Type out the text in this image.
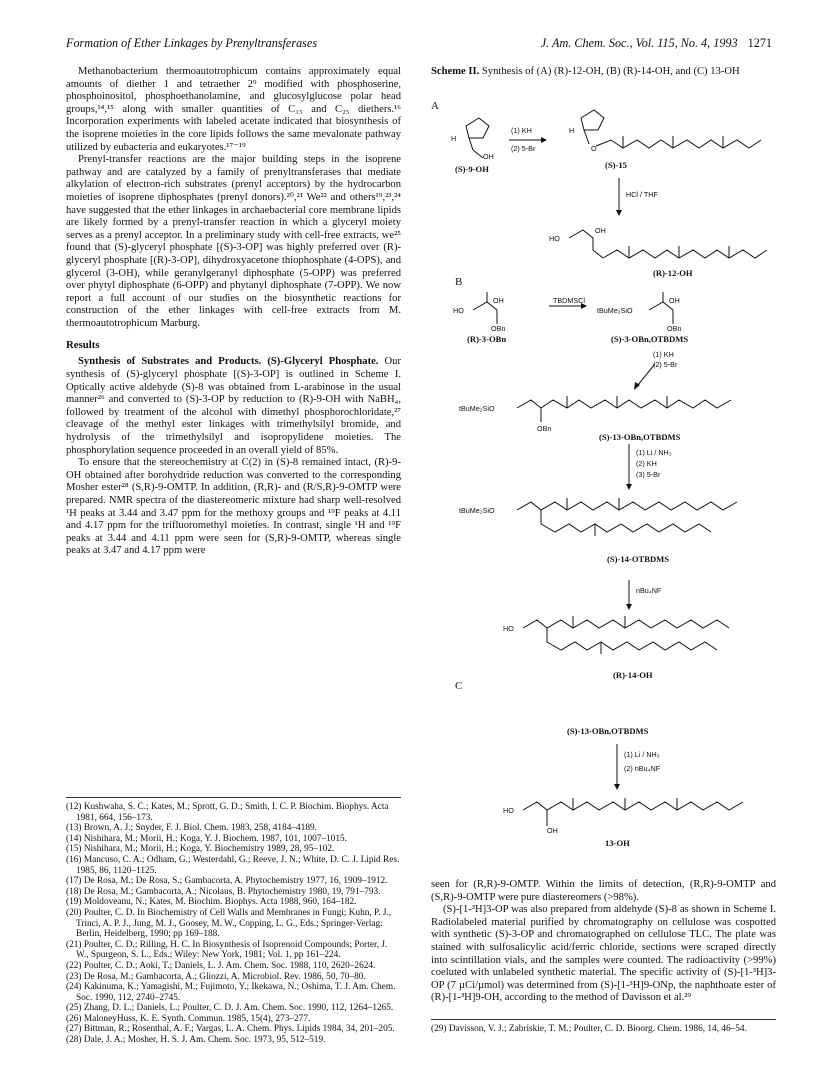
Formation of Ether Linkages by Prenyltransferases	J. Am. Chem. Soc., Vol. 115, No. 4, 1993 1271

Methanobacterium thermoautotrophicum contains approximately equal amounts of diether 1 and tetraether 2⁹ modified with phosphoserine, phosphoinositol, phosphoethanolamine, and glucosylglucose polar head groups,¹⁴,¹⁵ along with smaller quantities of C₁₅ and C₂₅ diethers.¹⁶ Incorporation experiments with labeled acetate indicated that biosynthesis of the isoprene moieties in the core lipids follows the same mevalonate pathway utilized by eubacteria and eukaryotes.¹⁷⁻¹⁹

Prenyl-transfer reactions are the major building steps in the isoprene pathway and are catalyzed by a family of prenyltransferases that mediate alkylation of electron-rich substrates (prenyl acceptors) by the hydrocarbon moieties of isoprene diphosphates (prenyl donors).²⁰,²¹ We²² and others¹⁹,²³,²⁴ have suggested that the ether linkages in archaebacterial core membrane lipids are likely formed by a prenyl-transfer reaction in which a glyceryl moiety serves as a prenyl acceptor. In a preliminary study with cell-free extracts, we²⁵ found that (S)-glyceryl phosphate [(S)-3-OP] was highly preferred over (R)-glyceryl phosphate [(R)-3-OP], dihydroxyacetone thiophosphate (4-OPS), and glycerol (3-OH), while geranylgeranyl diphosphate (5-OPP) was preferred over phytyl diphosphate (6-OPP) and phytanyl diphosphate (7-OPP). We now report a full account of our studies on the biosynthetic reactions for construction of the ether linkages with cell-free extracts from M. thermoautotrophicum Marburg.

Results

Synthesis of Substrates and Products. (S)-Glyceryl Phosphate. Our synthesis of (S)-glyceryl phosphate [(S)-3-OP] is outlined in Scheme I. Optically active aldehyde (S)-8 was obtained from L-arabinose in the usual manner²⁶ and converted to (S)-3-OP by reduction to (R)-9-OH with NaBH₄, followed by treatment of the alcohol with dimethyl phosphorochloridate,²⁷ cleavage of the methyl ester linkages with trimethylsilyl bromide, and hydrolysis of the trimethylsilyl and isopropylidene moieties. The phosphorylation sequence proceeded in an overall yield of 85%.

To ensure that the stereochemistry at C(2) in (S)-8 remained intact, (R)-9-OH obtained after borohydride reduction was converted to the corresponding Mosher ester²⁸ (S,R)-9-OMTP. In addition, (R,R)- and (R/S,R)-9-OMTP were prepared. NMR spectra of the diastereomeric mixture had sharp well-resolved ¹H peaks at 3.44 and 3.47 ppm for the methoxy groups and ¹⁹F peaks at 4.11 and 4.17 ppm for the trifluoromethyl moieties. In contrast, single ¹H and ¹⁹F peaks at 3.44 and 4.11 ppm were seen for (S,R)-9-OMTP, whereas single peaks at 3.47 and 4.17 ppm were

(12) Kushwaha, S. C.; Kates, M.; Sprott, G. D.; Smith, I. C. P. Biochim. Biophys. Acta 1981, 664, 156–173.

(13) Brown, A. J.; Snyder, F. J. Biol. Chem. 1983, 258, 4184–4189.

(14) Nishihara, M.; Morii, H.; Koga, Y. J. Biochem. 1987, 101, 1007–1015.

(15) Nishihara, M.; Morii, H.; Koga, Y. Biochemistry 1989, 28, 95–102.

(16) Mancuso, C. A.; Odham, G.; Westerdahl, G.; Reeve, J. N.; White, D. C. J. Lipid Res. 1985, 86, 1120–1125.

(17) De Rosa, M.; De Rosa, S.; Gambacorta, A. Phytochemistry 1977, 16, 1909–1912.

(18) De Rosa, M.; Gambacorta, A.; Nicolaus, B. Phytochemistry 1980, 19, 791–793.

(19) Moldoveanu, N.; Kates, M. Biochim. Biophys. Acta 1988, 960, 164–182.

(20) Poulter, C. D. In Biochemistry of Cell Walls and Membranes in Fungi; Kuhn, P. J., Trinci, A. P. J., Jung, M. J., Goosey, M. W., Copping, L. G., Eds.; Springer-Verlag: Berlin, Heidelberg, 1990; pp 169–188.

(21) Poulter, C. D.; Rilling, H. C. In Biosynthesis of Isoprenoid Compounds; Porter, J. W., Spurgeon, S. L., Eds.; Wiley: New York, 1981; Vol. 1, pp 161–224.

(22) Poulter, C. D.; Aoki, T.; Daniels, L. J. Am. Chem. Soc. 1988, 110, 2620–2624.

(23) De Rosa, M.; Gambacorta, A.; Gliozzi, A. Microbiol. Rev. 1986, 50, 70–80.

(24) Kakinuma, K.; Yamagishi, M.; Fujimoto, Y.; Ikekawa, N.; Oshima, T. J. Am. Chem. Soc. 1990, 112, 2740–2745.

(25) Zhang, D. L.; Daniels, L.; Poulter, C. D. J. Am. Chem. Soc. 1990, 112, 1264–1265.

(26) MaloneyHuss, K. E. Synth. Commun. 1985, 15(4), 273–277.

(27) Bittman, R.; Rosenthal, A. F.; Vargas, L. A. Chem. Phys. Lipids 1984, 34, 201–205.

(28) Dale, J. A.; Mosher, H. S. J. Am. Chem. Soc. 1973, 95, 512–519.

Scheme II. Synthesis of (A) (R)-12-OH, (B) (R)-14-OH, and (C) 13-OH

A
H
OH
(1) KH
(2) 5-Br
(S)-9-OH
H
O
(S)-15
HCl / THF
HO
OH
(R)-12-OH
B
HO
OH
OBn
(R)-3-OBn
TBDMSCl
tBuMe₂SiO
OH
OBn
(S)-3-OBn,OTBDMS
(1) KH
(2) 5-Br
tBuMe₂SiO
OBn
(S)-13-OBn,OTBDMS
(1) Li / NH₃
(2) KH
(3) 5-Br
tBuMe₂SiO
(S)-14-OTBDMS
nBu₄NF
HO
(R)-14-OH
C
(S)-13-OBn,OTBDMS
(1) Li / NH₃
(2) nBu₄NF
HO
OH
13-OH

seen for (R,R)-9-OMTP. Within the limits of detection, (R,R)-9-OMTP and (S,R)-9-OMTP were pure diastereomers (>98%).

(S)-[1-³H]3-OP was also prepared from aldehyde (S)-8 as shown in Scheme I. Radiolabeled material purified by chromatography on cellulose was cospotted with synthetic (S)-3-OP and chromatographed on cellulose TLC. The plate was stained with sulfosalicylic acid/ferric chloride, sections were scraped directly into scintillation vials, and the samples were counted. The radioactivity (>99%) coeluted with unlabeled synthetic material. The specific activity of (S)-[1-³H]3-OP (7 µCi/µmol) was determined from (S)-[1-³H]9-ONp, the naphthoate ester of (R)-[1-³H]9-OH, according to the method of Davisson et al.²⁹

(29) Davisson, V. J.; Zabriskie, T. M.; Poulter, C. D. Bioorg. Chem. 1986, 14, 46–54.
